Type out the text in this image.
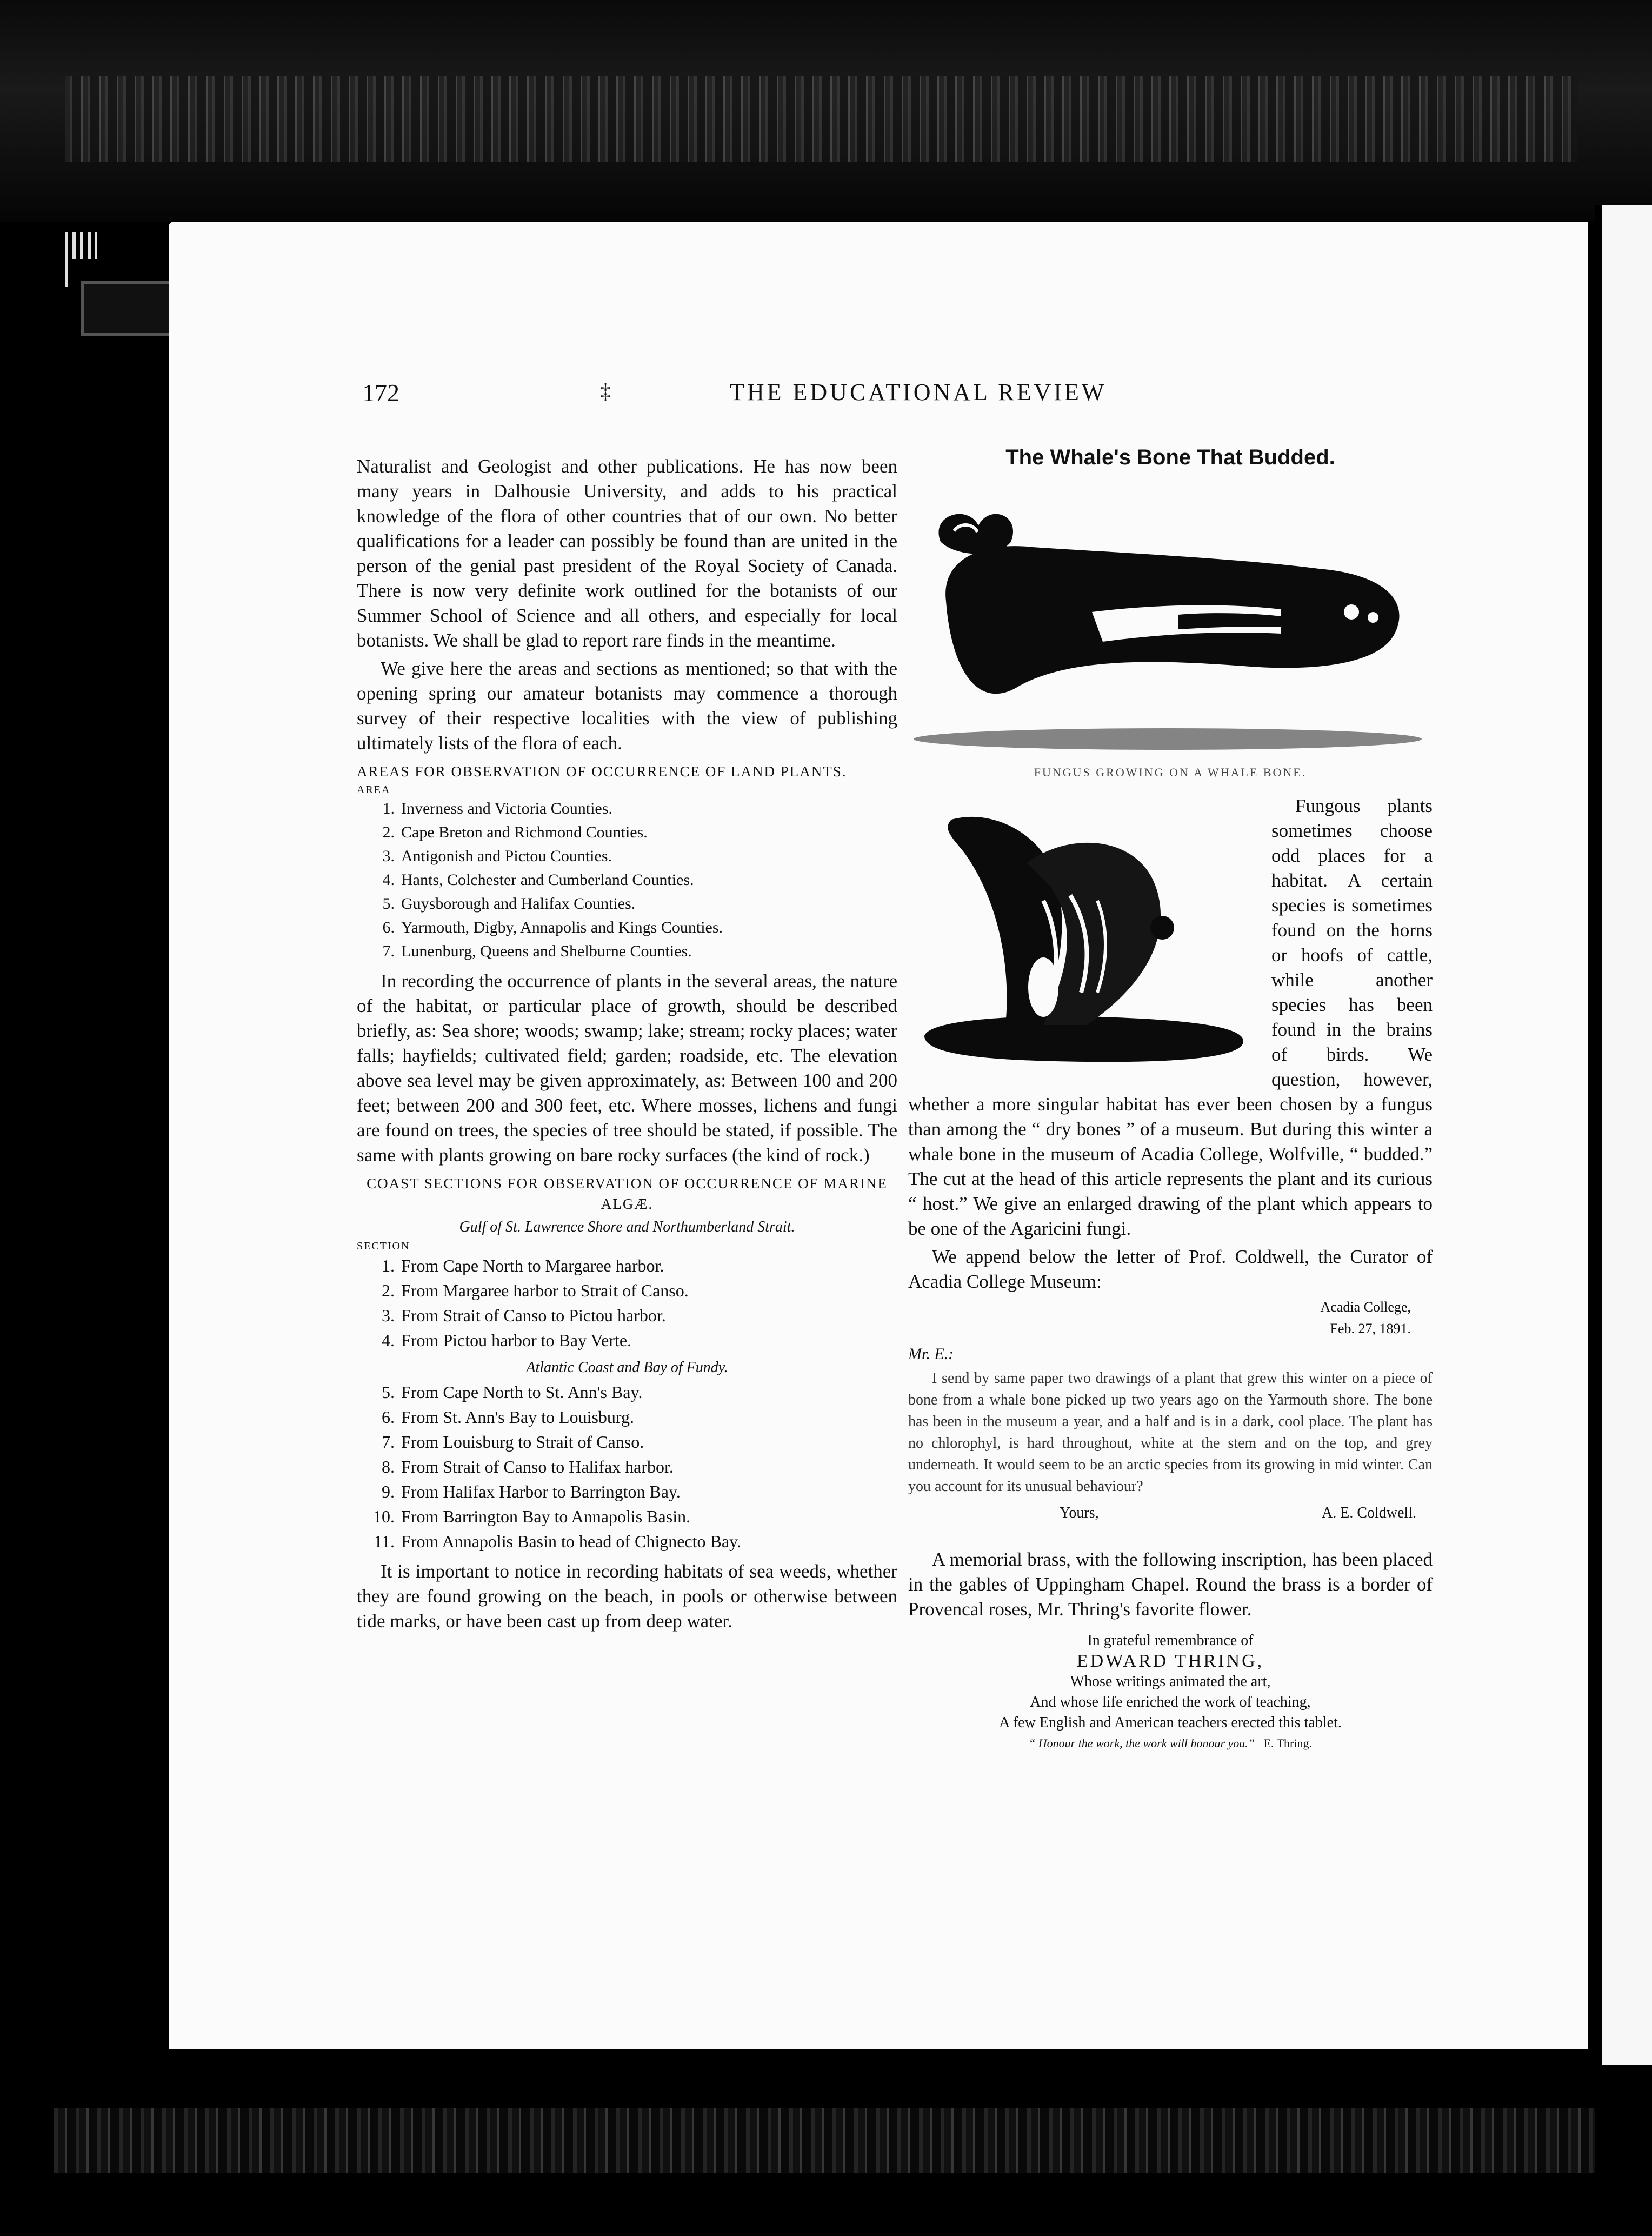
172	‡	THE EDUCATIONAL REVIEW

Naturalist and Geologist and other publications. He has now been many years in Dalhousie University, and adds to his practical knowledge of the flora of other countries that of our own. No better qualifications for a leader can possibly be found than are united in the person of the genial past president of the Royal Society of Canada. There is now very definite work outlined for the botanists of our Summer School of Science and all others, and especially for local botanists. We shall be glad to report rare finds in the meantime.

We give here the areas and sections as mentioned; so that with the opening spring our amateur botanists may commence a thorough survey of their respective localities with the view of publishing ultimately lists of the flora of each.

AREAS FOR OBSERVATION OF OCCURRENCE OF LAND PLANTS.
AREA
1. Inverness and Victoria Counties.
2. Cape Breton and Richmond Counties.
3. Antigonish and Pictou Counties.
4. Hants, Colchester and Cumberland Counties.
5. Guysborough and Halifax Counties.
6. Yarmouth, Digby, Annapolis and Kings Counties.
7. Lunenburg, Queens and Shelburne Counties.

In recording the occurrence of plants in the several areas, the nature of the habitat, or particular place of growth, should be described briefly, as: Sea shore; woods; swamp; lake; stream; rocky places; water falls; hayfields; cultivated field; garden; roadside, etc. The elevation above sea level may be given approximately, as: Between 100 and 200 feet; between 200 and 300 feet, etc. Where mosses, lichens and fungi are found on trees, the species of tree should be stated, if possible. The same with plants growing on bare rocky surfaces (the kind of rock.)

COAST SECTIONS FOR OBSERVATION OF OCCURRENCE OF MARINE ALGÆ.
Gulf of St. Lawrence Shore and Northumberland Strait.
SECTION
1. From Cape North to Margaree harbor.
2. From Margaree harbor to Strait of Canso.
3. From Strait of Canso to Pictou harbor.
4. From Pictou harbor to Bay Verte.
Atlantic Coast and Bay of Fundy.
5. From Cape North to St. Ann's Bay.
6. From St. Ann's Bay to Louisburg.
7. From Louisburg to Strait of Canso.
8. From Strait of Canso to Halifax harbor.
9. From Halifax Harbor to Barrington Bay.
10. From Barrington Bay to Annapolis Basin.
11. From Annapolis Basin to head of Chignecto Bay.

It is important to notice in recording habitats of sea weeds, whether they are found growing on the beach, in pools or otherwise between tide marks, or have been cast up from deep water.

The Whale's Bone That Budded.
FUNGUS GROWING ON A WHALE BONE.

Fungous plants sometimes choose odd places for a habitat. A certain species is sometimes found on the horns or hoofs of cattle, while another species has been found in the brains of birds. We question, however, whether a more singular habitat has ever been chosen by a fungus than among the “ dry bones ” of a museum. But during this winter a whale bone in the museum of Acadia College, Wolfville, “ budded.” The cut at the head of this article represents the plant and its curious “ host.” We give an enlarged drawing of the plant which appears to be one of the Agaricini fungi.

We append below the letter of Prof. Coldwell, the Curator of Acadia College Museum:

Acadia College,
Feb. 27, 1891.
Mr. E.:

I send by same paper two drawings of a plant that grew this winter on a piece of bone from a whale bone picked up two years ago on the Yarmouth shore. The bone has been in the museum a year, and a half and is in a dark, cool place. The plant has no chlorophyl, is hard throughout, white at the stem and on the top, and grey underneath. It would seem to be an arctic species from its growing in mid winter. Can you account for its unusual behaviour?

Yours,	A. E. Coldwell.

A memorial brass, with the following inscription, has been placed in the gables of Uppingham Chapel. Round the brass is a border of Provencal roses, Mr. Thring's favorite flower.

In grateful remembrance of
EDWARD THRING,
Whose writings animated the art,
And whose life enriched the work of teaching,
A few English and American teachers erected this tablet.
“ Honour the work, the work will honour you.” E. Thring.
